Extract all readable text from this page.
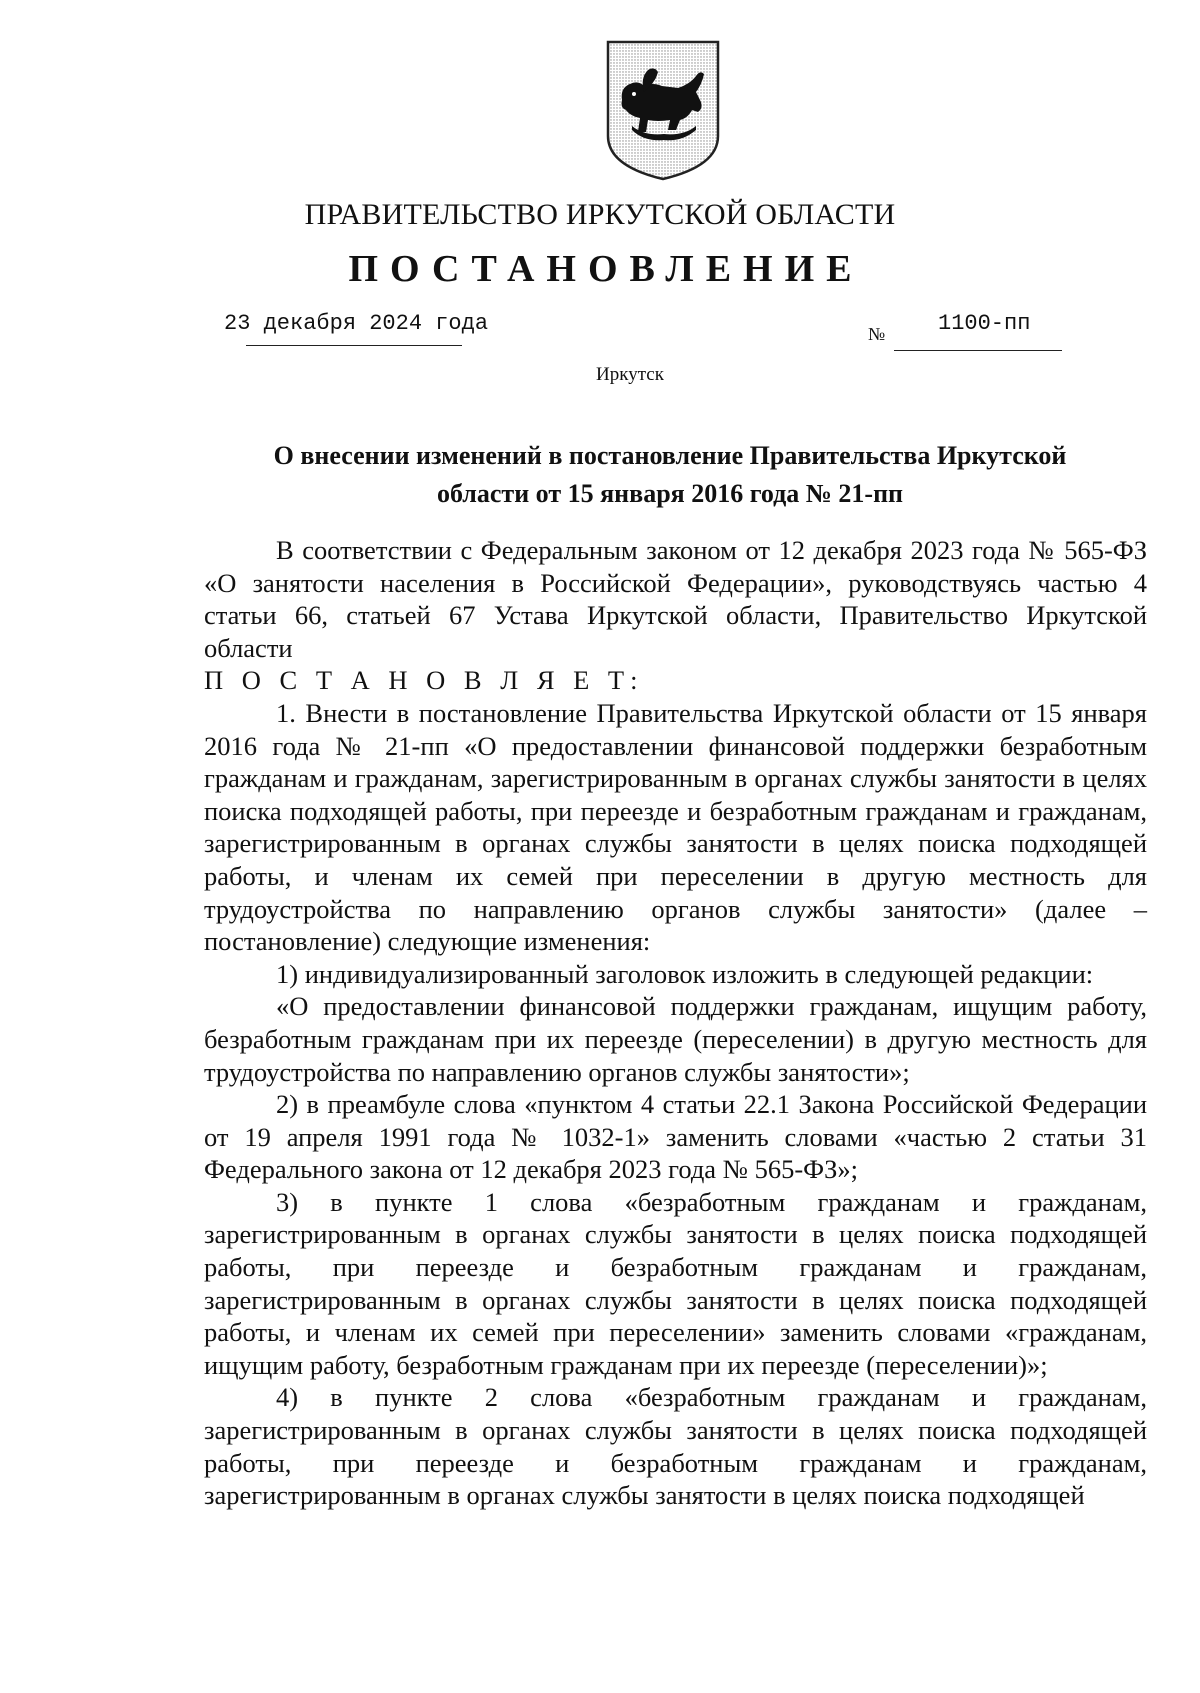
ПРАВИТЕЛЬСТВО ИРКУТСКОЙ ОБЛАСТИ
ПОСТАНОВЛЕНИЕ
23 декабря 2024 года	№ 1100-пп
Иркутск
О внесении изменений в постановление Правительства Иркутской
области от 15 января 2016 года № 21-пп

В соответствии с Федеральным законом от 12 декабря 2023 года № 565-ФЗ «О занятости населения в Российской Федерации», руководствуясь частью 4 статьи 66, статьей 67 Устава Иркутской области, Правительство Иркутской области

П О С Т А Н О В Л Я Е Т:

1. Внести в постановление Правительства Иркутской области от 15 января 2016 года № 21-пп «О предоставлении финансовой поддержки безработным гражданам и гражданам, зарегистрированным в органах службы занятости в целях поиска подходящей работы, при переезде и безработным гражданам и гражданам, зарегистрированным в органах службы занятости в целях поиска подходящей работы, и членам их семей при переселении в другую местность для трудоустройства по направлению органов службы занятости» (далее – постановление) следующие изменения:

1) индивидуализированный заголовок изложить в следующей редакции:

«О предоставлении финансовой поддержки гражданам, ищущим работу, безработным гражданам при их переезде (переселении) в другую местность для трудоустройства по направлению органов службы занятости»;

2) в преамбуле слова «пунктом 4 статьи 22.1 Закона Российской Федерации от 19 апреля 1991 года № 1032-1» заменить словами «частью 2 статьи 31 Федерального закона от 12 декабря 2023 года № 565-ФЗ»;

3) в пункте 1 слова «безработным гражданам и гражданам, зарегистрированным в органах службы занятости в целях поиска подходящей работы, при переезде и безработным гражданам и гражданам, зарегистрированным в органах службы занятости в целях поиска подходящей работы, и членам их семей при переселении» заменить словами «гражданам, ищущим работу, безработным гражданам при их переезде (переселении)»;

4) в пункте 2 слова «безработным гражданам и гражданам, зарегистрированным в органах службы занятости в целях поиска подходящей работы, при переезде и безработным гражданам и гражданам, зарегистрированным в органах службы занятости в целях поиска подходящей
